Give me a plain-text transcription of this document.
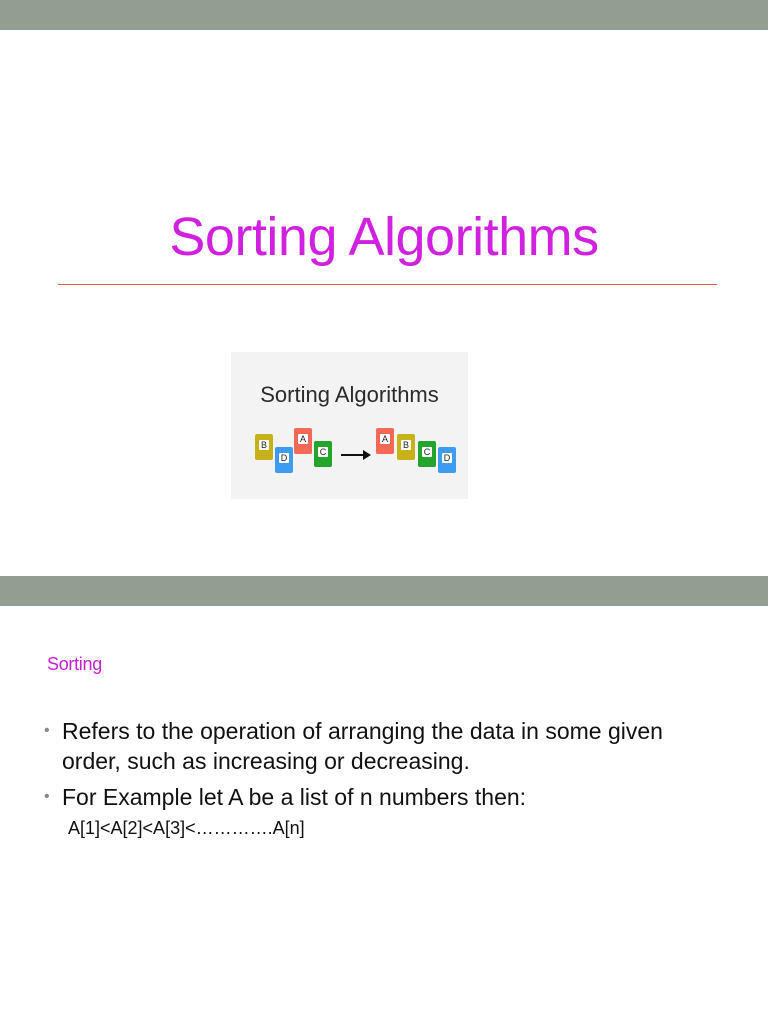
Sorting Algorithms
Sorting Algorithms
B
D
A
C
A
B
C
D
Sorting
• Refers to the operation of arranging the data in some given order, such as increasing or decreasing.
• For Example let A be a list of n numbers then:
A[1]<A[2]<A[3]<………….A[n]
